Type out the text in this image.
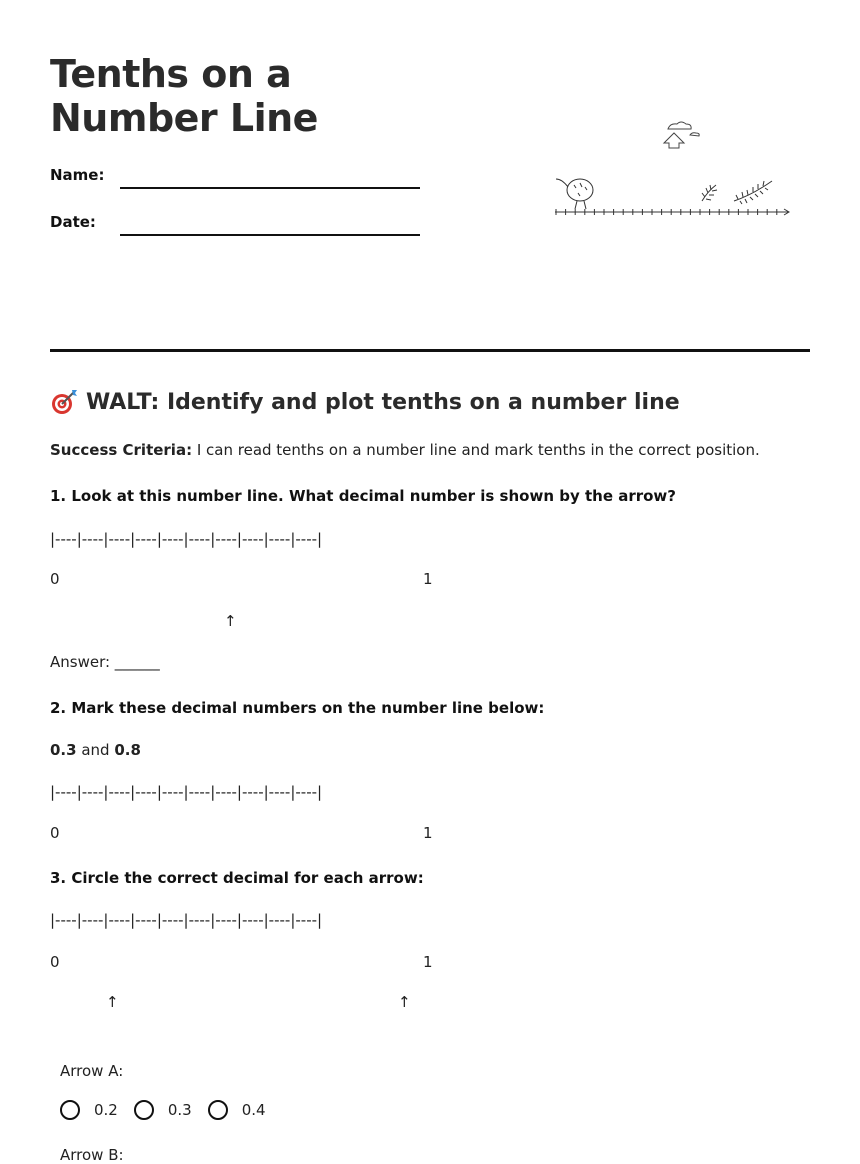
Tenths on a Number Line
Name:
Date:
WALT: Identify and plot tenths on a number line
Success Criteria: I can read tenths on a number line and mark tenths in the correct position.
1. Look at this number line. What decimal number is shown by the arrow?
|----|----|----|----|----|----|----|----|----|----|
0	1
↑
Answer: ______
2. Mark these decimal numbers on the number line below:
0.3 and 0.8
|----|----|----|----|----|----|----|----|----|----|
0	1
3. Circle the correct decimal for each arrow:
|----|----|----|----|----|----|----|----|----|----|
0	1
↑	↑
Arrow A:
0.2	0.3	0.4
Arrow B:
